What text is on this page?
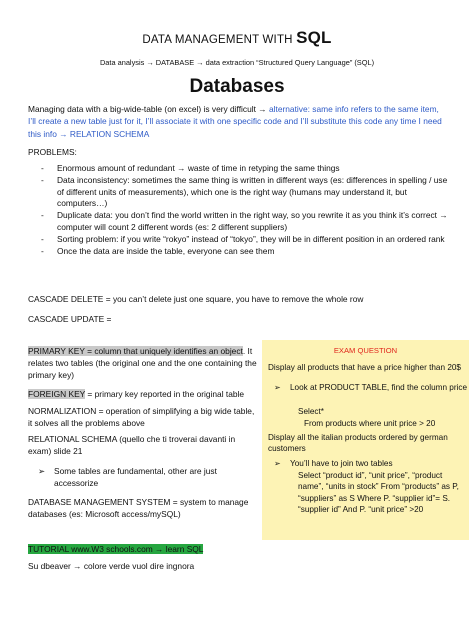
DATA MANAGEMENT WITH SQL
Data analysis → DATABASE → data extraction “Structured Query Language” (SQL)
Databases
Managing data with a big-wide-table (on excel) is very difficult → alternative: same info refers to the same item, I’ll create a new table just for it, I’ll associate it with one specific code and I’ll substitute this code any time I need this info → RELATION SCHEMA
PROBLEMS:
- Enormous amount of redundant → waste of time in retyping the same things
- Data inconsistency: sometimes the same thing is written in different ways (es: differences in spelling / use of different units of measurements), which one is the right way (humans may understand it, but computers…)
- Duplicate data: you don’t find the world written in the right way, so you rewrite it as you think it’s correct → computer will count 2 different words (es: 2 different suppliers)
- Sorting problem: if you write “rokyo” instead of “tokyo”, they will be in different position in an ordered rank
- Once the data are inside the table, everyone can see them
CASCADE DELETE = you can’t delete just one square, you have to remove the whole row
CASCADE UPDATE =
PRIMARY KEY = column that uniquely identifies an object. It relates two tables (the original one and the one containing the primary key)
FOREIGN KEY = primary key reported in the original table
NORMALIZATION = operation of simplifying a big wide table, it solves all the problems above
RELATIONAL SCHEMA (quello che ti troverai davanti in exam) slide 21
➢ Some tables are fundamental, other are just accessorize
DATABASE MANAGEMENT SYSTEM = system to manage databases (es: Microsoft access/mySQL)
TUTORIAL www.W3 schools.com → learn SQL
Su dbeaver → colore verde vuol dire ingnora
EXAM QUESTION
Display all products that have a price higher than 20$
➢ Look at PRODUCT TABLE, find the column price
Select*
From products where unit price > 20
Display all the italian products ordered by german customers
➢ You’ll have to join two tables
Select “product id”, “unit price”, “product name”, “units in stock” From “products” as P, “suppliers” as S Where P. “supplier id”= S. “supplier id” And P. “unit price” >20
